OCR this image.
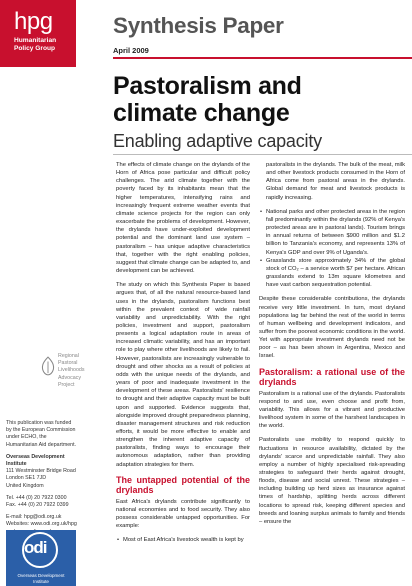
hpg
Humanitarian
Policy Group
Synthesis Paper
April 2009
Pastoralism and
climate change
Enabling adaptive capacity
Regional
Pastoral
Livelihoods
Advocacy
Project

This publication was funded by the European Commission under ECHO, the Humanitarian Aid department.

Overseas Development Institute
111 Westminster Bridge Road
London SE1 7JD
United Kingdom

Tel. +44 (0) 20 7922 0300
Fax. +44 (0) 20 7922 0399

E-mail: hpg@odi.org.uk
Websites: www.odi.org.uk/hpg

odi
Overseas Development
Institute

The effects of climate change on the drylands of the Horn of Africa pose particular and difficult policy challenges. The arid climate together with the poverty faced by its inhabitants mean that the higher temperatures, intensifying rains and increasingly frequent extreme weather events that climate science projects for the region can only exacerbate the problems of development. However, the drylands have under-exploited development potential and the dominant land use system – pastoralism – has unique adaptive characteristics that, together with the right enabling policies, suggest that climate change can be adapted to, and development can be achieved.

The study on which this Synthesis Paper is based argues that, of all the natural resource-based land uses in the drylands, pastoralism functions best within the prevalent context of wide rainfall variability and unpredictability. With the right policies, investment and support, pastoralism presents a logical adaptation route in areas of increased climatic variability, and has an important role to play where other livelihoods are likely to fail. However, pastoralists are increasingly vulnerable to drought and other shocks as a result of policies at odds with the unique needs of the drylands, and years of poor and inadequate investment in the development of these areas. Pastoralists' resilience to drought and their adaptive capacity must be built upon and supported. Evidence suggests that, alongside improved drought preparedness planning, disaster management structures and risk reduction efforts, it would be more effective to enable and strengthen the inherent adaptive capacity of pastoralists, finding ways to encourage their autonomous adaptation, rather than providing adaptation strategies for them.

The untapped potential of the drylands

East Africa's drylands contribute significantly to national economies and to food security. They also possess considerable untapped opportunities. For example:

• Most of East Africa's livestock wealth is kept by

pastoralists in the drylands. The bulk of the meat, milk and other livestock products consumed in the Horn of Africa come from pastoral areas in the drylands. Global demand for meat and livestock products is rapidly increasing.

• National parks and other protected areas in the region fall predominantly within the drylands (92% of Kenya's protected areas are in pastoral lands). Tourism brings in annual returns of between $900 million and $1.2 billion to Tanzania's economy, and represents 13% of Kenya's GDP and over 9% of Uganda's.
• Grasslands store approximately 34% of the global stock of CO₂ – a service worth $7 per hectare. African grasslands extend to 13m square kilometres and have vast carbon sequestration potential.

Despite these considerable contributions, the drylands receive very little investment. In turn, most dryland populations lag far behind the rest of the world in terms of human wellbeing and development indicators, and suffer from the poorest economic conditions in the world. Yet with appropriate investment drylands need not be poor – as has been shown in Argentina, Mexico and Israel.

Pastoralism: a rational use of the drylands

Pastoralism is a rational use of the drylands. Pastoralists respond to and use, even choose and profit from, variability. This allows for a vibrant and productive livelihood system in some of the harshest landscapes in the world.

Pastoralists use mobility to respond quickly to fluctuations in resource availability, dictated by the drylands' scarce and unpredictable rainfall. They also employ a number of highly specialised risk-spreading strategies to safeguard their herds against drought, floods, disease and social unrest. These strategies – including building up herd sizes as insurance against times of hardship, splitting herds across different locations to spread risk, keeping different species and breeds and loaning surplus animals to family and friends – ensure the
